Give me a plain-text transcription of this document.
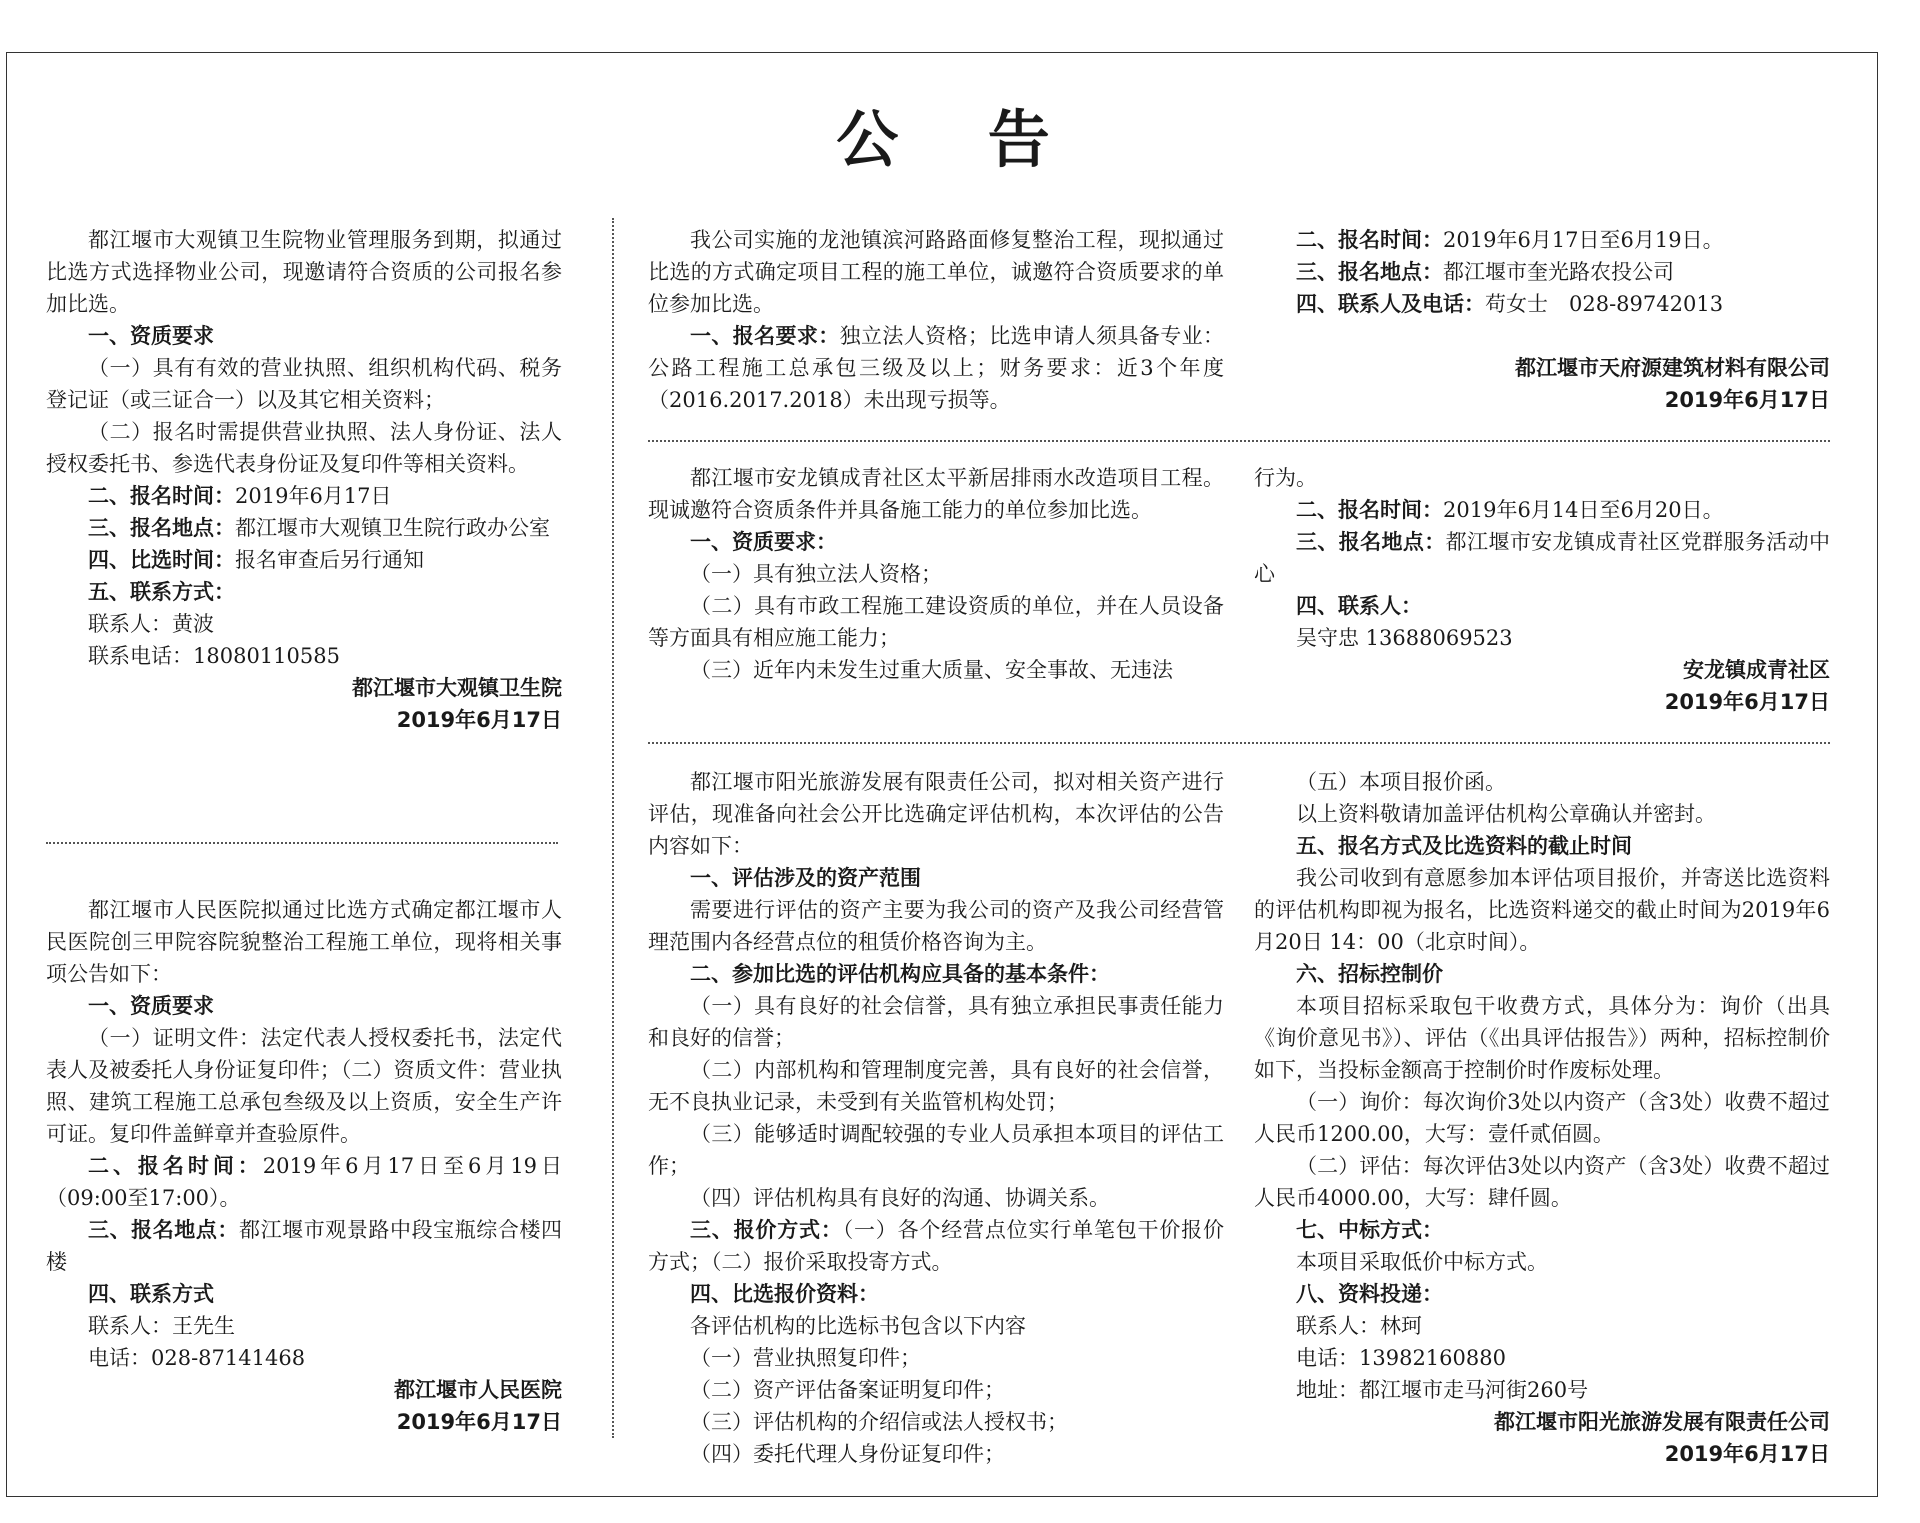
公 告

都江堰市大观镇卫生院物业管理服务到期，拟通过比选方式选择物业公司，现邀请符合资质的公司报名参加比选。

一、资质要求

（一）具有有效的营业执照、组织机构代码、税务登记证（或三证合一）以及其它相关资料；

（二）报名时需提供营业执照、法人身份证、法人授权委托书、参选代表身份证及复印件等相关资料。

二、报名时间：2019年6月17日

三、报名地点：都江堰市大观镇卫生院行政办公室

四、比选时间：报名审查后另行通知

五、联系方式：

联系人：黄波

联系电话：18080110585

都江堰市大观镇卫生院
2019年6月17日

都江堰市人民医院拟通过比选方式确定都江堰市人民医院创三甲院容院貌整治工程施工单位，现将相关事项公告如下：

一、资质要求

（一）证明文件：法定代表人授权委托书，法定代表人及被委托人身份证复印件；（二）资质文件：营业执照、建筑工程施工总承包叁级及以上资质，安全生产许可证。复印件盖鲜章并查验原件。

二、报名时间：2019年6月17日至6月19日（09:00至17:00）。

三、报名地点：都江堰市观景路中段宝瓶综合楼四楼

四、联系方式

联系人：王先生

电话：028-87141468

都江堰市人民医院
2019年6月17日

我公司实施的龙池镇滨河路路面修复整治工程，现拟通过比选的方式确定项目工程的施工单位，诚邀符合资质要求的单位参加比选。

一、报名要求：独立法人资格；比选申请人须具备专业：公路工程施工总承包三级及以上；财务要求：近3个年度（2016.2017.2018）未出现亏损等。

二、报名时间：2019年6月17日至6月19日。

三、报名地点：都江堰市奎光路农投公司

四、联系人及电话：苟女士　028-89742013

都江堰市天府源建筑材料有限公司
2019年6月17日

都江堰市安龙镇成青社区太平新居排雨水改造项目工程。现诚邀符合资质条件并具备施工能力的单位参加比选。

一、资质要求：

（一）具有独立法人资格；

（二）具有市政工程施工建设资质的单位，并在人员设备等方面具有相应施工能力；

（三）近年内未发生过重大质量、安全事故、无违法

行为。

二、报名时间：2019年6月14日至6月20日。

三、报名地点：都江堰市安龙镇成青社区党群服务活动中心

四、联系人：

吴守忠 13688069523

安龙镇成青社区
2019年6月17日

都江堰市阳光旅游发展有限责任公司，拟对相关资产进行评估，现准备向社会公开比选确定评估机构，本次评估的公告内容如下：

一、评估涉及的资产范围

需要进行评估的资产主要为我公司的资产及我公司经营管理范围内各经营点位的租赁价格咨询为主。

二、参加比选的评估机构应具备的基本条件：

（一）具有良好的社会信誉，具有独立承担民事责任能力和良好的信誉；

（二）内部机构和管理制度完善，具有良好的社会信誉，无不良执业记录，未受到有关监管机构处罚；

（三）能够适时调配较强的专业人员承担本项目的评估工作；

（四）评估机构具有良好的沟通、协调关系。

三、报价方式：（一）各个经营点位实行单笔包干价报价方式；（二）报价采取投寄方式。

四、比选报价资料：

各评估机构的比选标书包含以下内容

（一）营业执照复印件；

（二）资产评估备案证明复印件；

（三）评估机构的介绍信或法人授权书；

（四）委托代理人身份证复印件；

（五）本项目报价函。

以上资料敬请加盖评估机构公章确认并密封。

五、报名方式及比选资料的截止时间

我公司收到有意愿参加本评估项目报价，并寄送比选资料的评估机构即视为报名，比选资料递交的截止时间为2019年6月20日 14：00（北京时间）。

六、招标控制价

本项目招标采取包干收费方式，具体分为：询价（出具《询价意见书》）、评估（《出具评估报告》）两种，招标控制价如下，当投标金额高于控制价时作废标处理。

（一）询价：每次询价3处以内资产（含3处）收费不超过人民币1200.00，大写：壹仟贰佰圆。

（二）评估：每次评估3处以内资产（含3处）收费不超过人民币4000.00，大写：肆仟圆。

七、中标方式：

本项目采取低价中标方式。

八、资料投递：

联系人：林珂

电话：13982160880

地址：都江堰市走马河街260号

都江堰市阳光旅游发展有限责任公司
2019年6月17日
